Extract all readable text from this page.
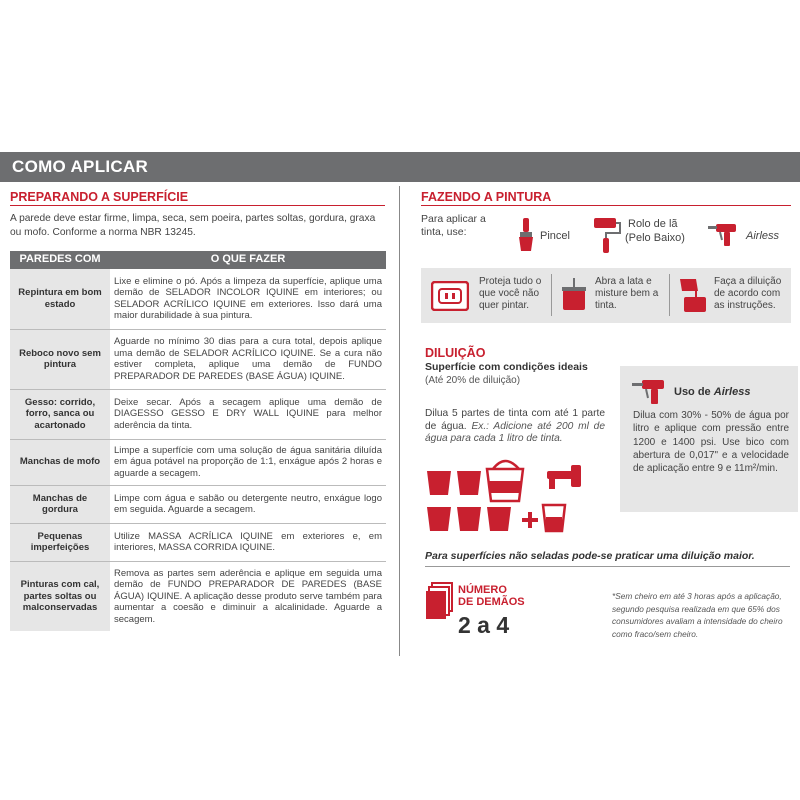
COMO APLICAR
PREPARANDO A SUPERFÍCIE
A parede deve estar firme, limpa, seca, sem poeira, partes soltas, gordura, graxa ou mofo. Conforme a norma NBR 13245.
PAREDES COM	O QUE FAZER
Repintura em bom estado	Lixe e elimine o pó. Após a limpeza da superfície, aplique uma demão de SELADOR INCOLOR IQUINE em interiores; ou SELADOR ACRÍLICO IQUINE em exteriores. Isso dará uma maior durabilidade à sua pintura.
Reboco novo sem pintura	Aguarde no mínimo 30 dias para a cura total, depois aplique uma demão de SELADOR ACRÍLICO IQUINE. Se a cura não estiver completa, aplique uma demão de FUNDO PREPARADOR DE PAREDES (BASE ÁGUA) IQUINE.
Gesso: corrido, forro, sanca ou acartonado	Deixe secar. Após a secagem aplique uma demão de DIAGESSO GESSO E DRY WALL IQUINE para melhor aderência da tinta.
Manchas de mofo	Limpe a superfície com uma solução de água sanitária diluída em água potável na proporção de 1:1, enxágue após 2 horas e aguarde a secagem.
Manchas de gordura	Limpe com água e sabão ou detergente neutro, enxágue logo em seguida. Aguarde a secagem.
Pequenas imperfeições	Utilize MASSA ACRÍLICA IQUINE em exteriores e, em interiores, MASSA CORRIDA IQUINE.
Pinturas com cal, partes soltas ou malconservadas	Remova as partes sem aderência e aplique em seguida uma demão de FUNDO PREPARADOR DE PAREDES (BASE ÁGUA) IQUINE. A aplicação desse produto serve também para aumentar a coesão e diminuir a alcalinidade. Aguarde a secagem.
FAZENDO A PINTURA
Para aplicar a tinta, use:	Pincel
Rolo de lã
(Pelo Baixo)	Airless
Proteja tudo o que você não quer pintar.
Abra a lata e misture bem a tinta.
Faça a diluição de acordo com as instruções.
DILUIÇÃO
Superfície com condições ideais
(Até 20% de diluição)
Dilua 5 partes de tinta com até 1 parte de água. Ex.: Adicione até 200 ml de água para cada 1 litro de tinta.
Uso de Airless
Dilua com 30% - 50% de água por litro e aplique com pressão entre 1200 e 1400 psi. Use bico com abertura de 0,017" e a velocidade de aplicação entre 9 e 11m²/min.
Para superfícies não seladas pode-se praticar uma diluição maior.
NÚMERO
DE DEMÃOS
2 a 4
*Sem cheiro em até 3 horas após a aplicação, segundo pesquisa realizada em que 65% dos consumidores avaliam a intensidade do cheiro como fraco/sem cheiro.
